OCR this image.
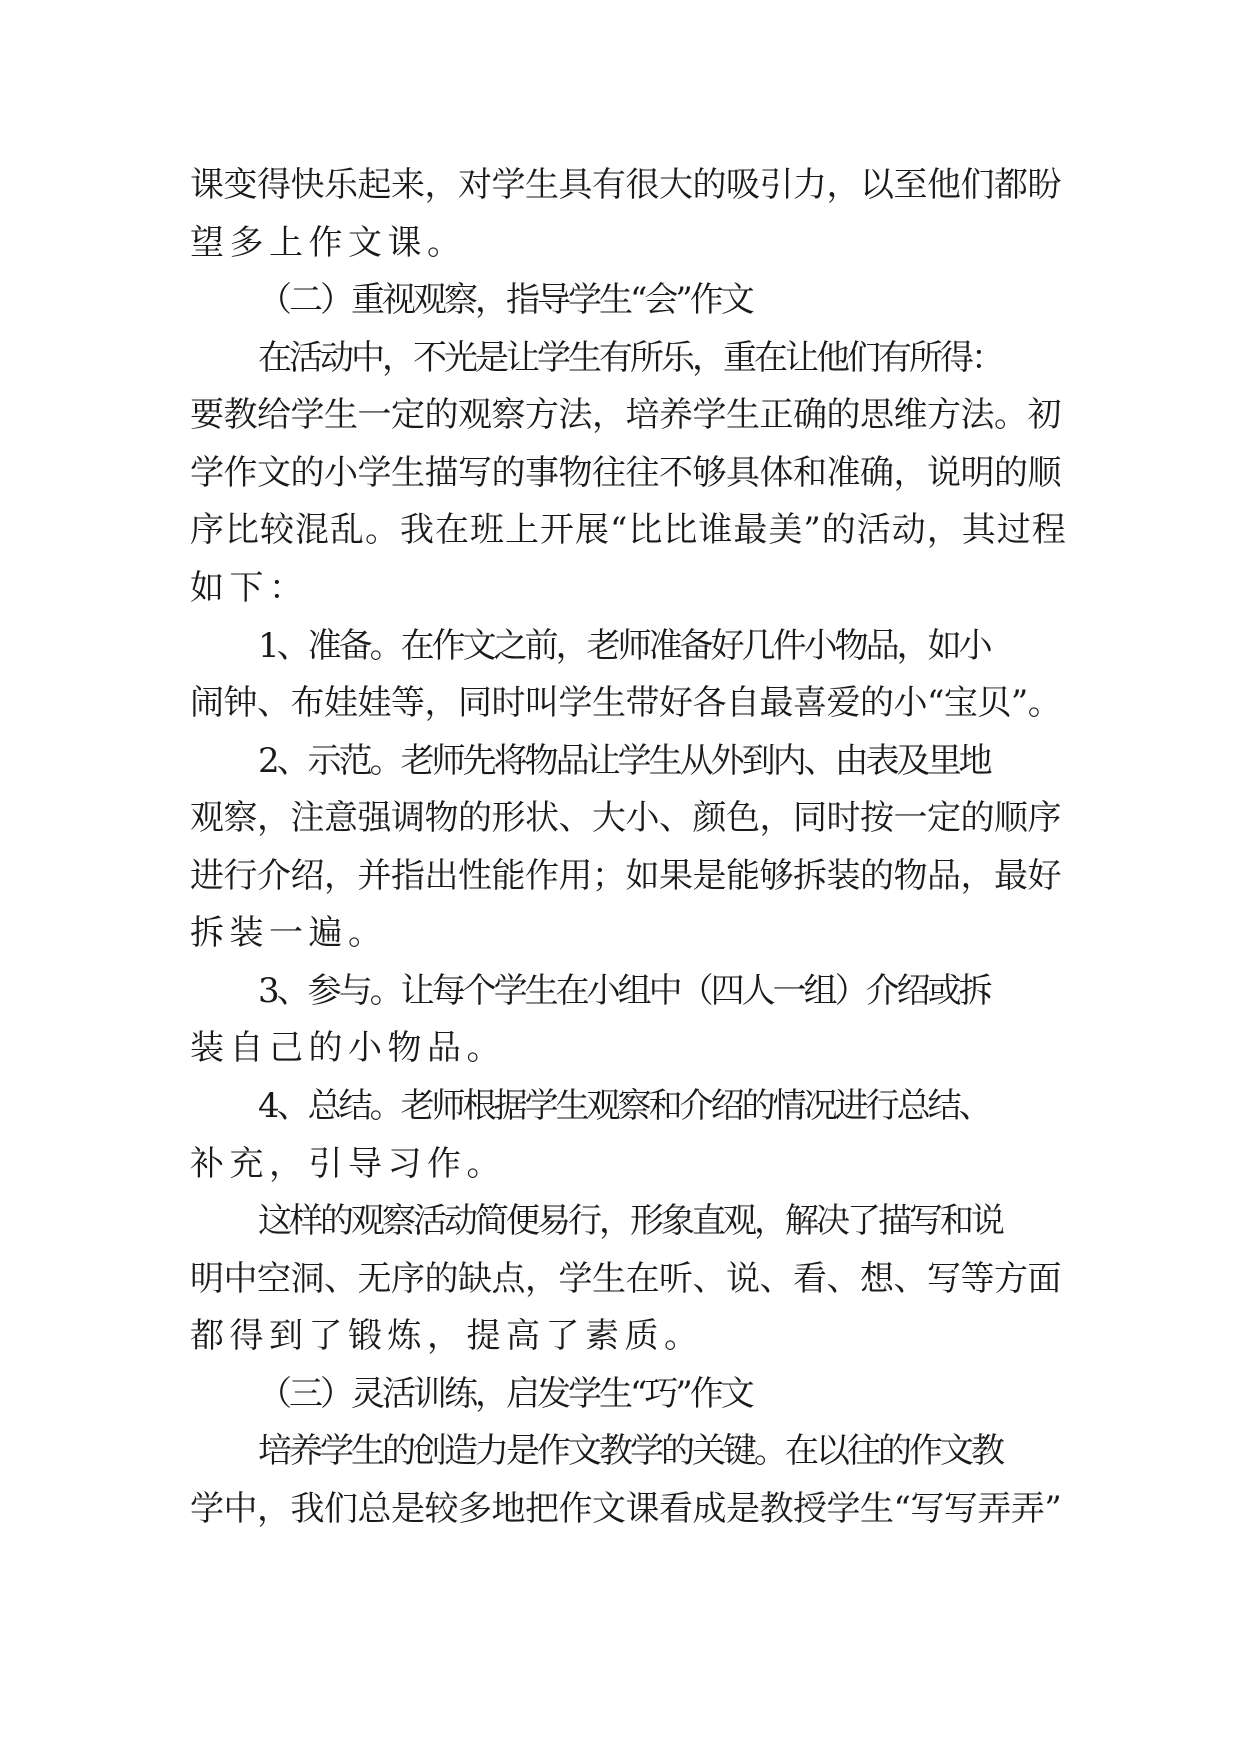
课变得快乐起来，对学生具有很大的吸引力，以至他们都盼
望多上作文课。
（二）重视观察，指导学生“会”作文
在活动中，不光是让学生有所乐，重在让他们有所得：
要教给学生一定的观察方法，培养学生正确的思维方法。初
学作文的小学生描写的事物往往不够具体和准确，说明的顺
序比较混乱。我在班上开展“比比谁最美”的活动，其过程
如下：
1、准备。在作文之前，老师准备好几件小物品，如小
闹钟、布娃娃等，同时叫学生带好各自最喜爱的小“宝贝”。
2、示范。老师先将物品让学生从外到内、由表及里地
观察，注意强调物的形状、大小、颜色，同时按一定的顺序
进行介绍，并指出性能作用；如果是能够拆装的物品，最好
拆装一遍。
3、参与。让每个学生在小组中（四人一组）介绍或拆
装自己的小物品。
4、总结。老师根据学生观察和介绍的情况进行总结、
补充，引导习作。
这样的观察活动简便易行，形象直观，解决了描写和说
明中空洞、无序的缺点，学生在听、说、看、想、写等方面
都得到了锻炼，提高了素质。
（三）灵活训练，启发学生“巧”作文
培养学生的创造力是作文教学的关键。在以往的作文教
学中，我们总是较多地把作文课看成是教授学生“写写弄弄”
